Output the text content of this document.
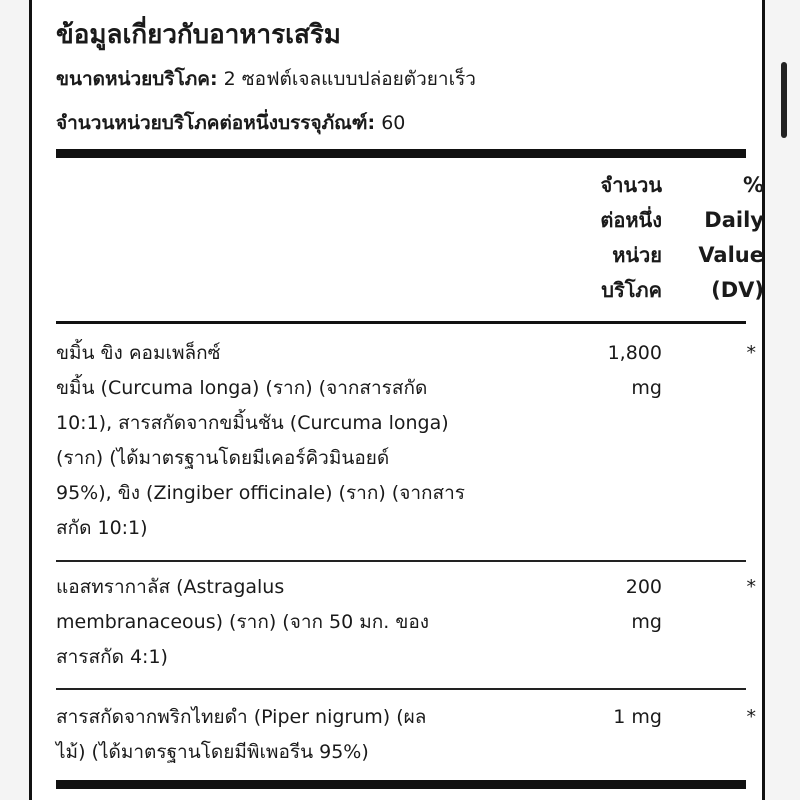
ข้อมูลเกี่ยวกับอาหารเสริม
ขนาดหน่วยบริโภค: 2 ซอฟต์เจลแบบปล่อยตัวยาเร็ว
จำนวนหน่วยบริโภคต่อหนึ่งบรรจุภัณฑ์: 60
จำนวน
ต่อหนึ่ง
หน่วย
บริโภค
%
Daily
Value
(DV)
ขมิ้น ขิง คอมเพล็กซ์
ขมิ้น (Curcuma longa) (ราก) (จากสารสกัด
10:1), สารสกัดจากขมิ้นชัน (Curcuma longa)
(ราก) (ได้มาตรฐานโดยมีเคอร์คิวมินอยด์
95%), ขิง (Zingiber officinale) (ราก) (จากสาร
สกัด 10:1)
1,800
mg
*
แอสทรากาลัส (Astragalus
membranaceous) (ราก) (จาก 50 มก. ของ
สารสกัด 4:1)
200
mg
*
สารสกัดจากพริกไทยดำ (Piper nigrum) (ผล
ไม้) (ได้มาตรฐานโดยมีพิเพอรีน 95%)
1 mg	*
